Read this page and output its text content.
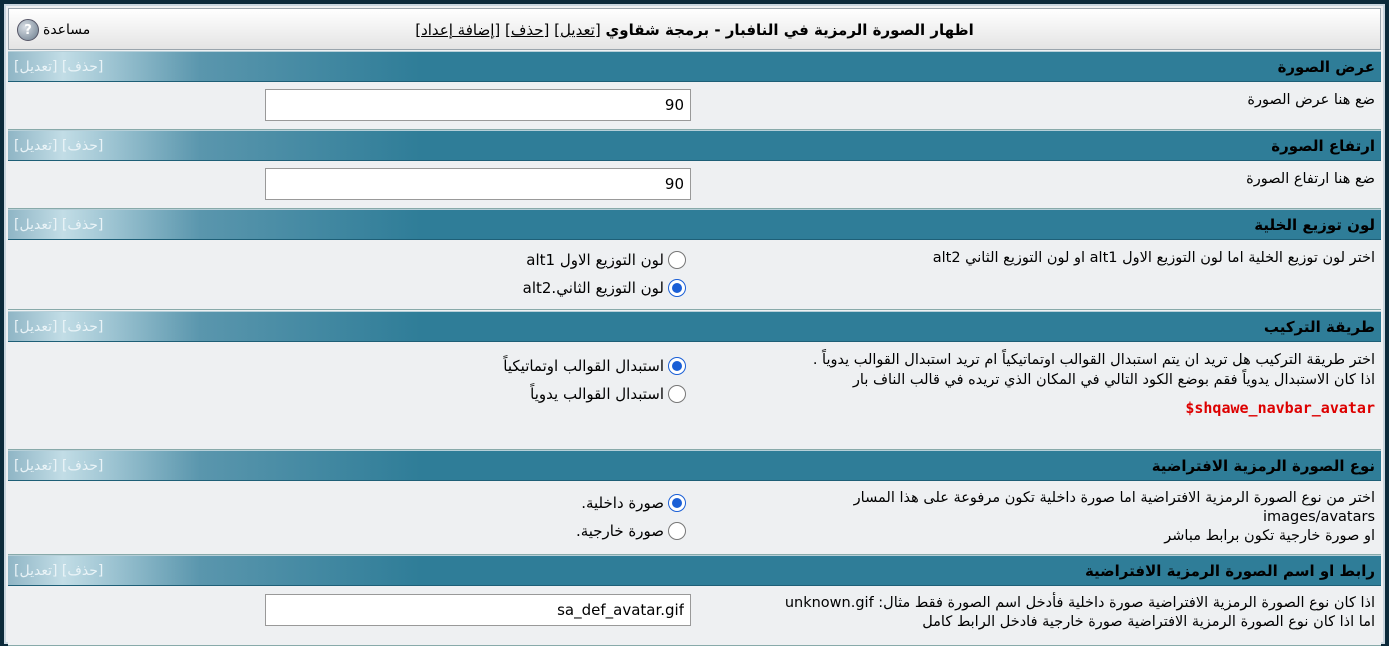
اظهار الصورة الرمزية في النافبار - برمجة شقاوي [تعديل] [حذف] [إضافة إعداد]
? مساعدة
عرض الصورة
[تعديل] [حذف]
ضع هنا عرض الصورة
90
ارتفاع الصورة
[تعديل] [حذف]
ضع هنا ارتفاع الصورة
90
لون توزيع الخلية
[تعديل] [حذف]
اختر لون توزيع الخلية اما لون التوزيع الاول alt1 او لون التوزيع الثاني alt2
لون التوزيع الاول alt1
لون التوزيع الثاني.alt2
طريقة التركيب
[تعديل] [حذف]
اختر طريقة التركيب هل تريد ان يتم استبدال القوالب اوتماتيكياً ام تريد استبدال القوالب يدوياً .
اذا كان الاستبدال يدوياً فقم بوضع الكود التالي في المكان الذي تريده في قالب الناف بار
$shqawe_navbar_avatar
استبدال القوالب اوتماتيكياً
استبدال القوالب يدوياً
نوع الصورة الرمزية الافتراضية
[تعديل] [حذف]
اختر من نوع الصورة الرمزية الافتراضية اما صورة داخلية تكون مرفوعة على هذا المسار
images/avatars
او صورة خارجية تكون برابط مباشر
صورة داخلية.
صورة خارجية.
رابط او اسم الصورة الرمزية الافتراضية
[تعديل] [حذف]
اذا كان نوع الصورة الرمزية الافتراضية صورة داخلية فأدخل اسم الصورة فقط مثال: unknown.gif
اما اذا كان نوع الصورة الرمزية الافتراضية صورة خارجية فادخل الرابط كامل
sa_def_avatar.gif
